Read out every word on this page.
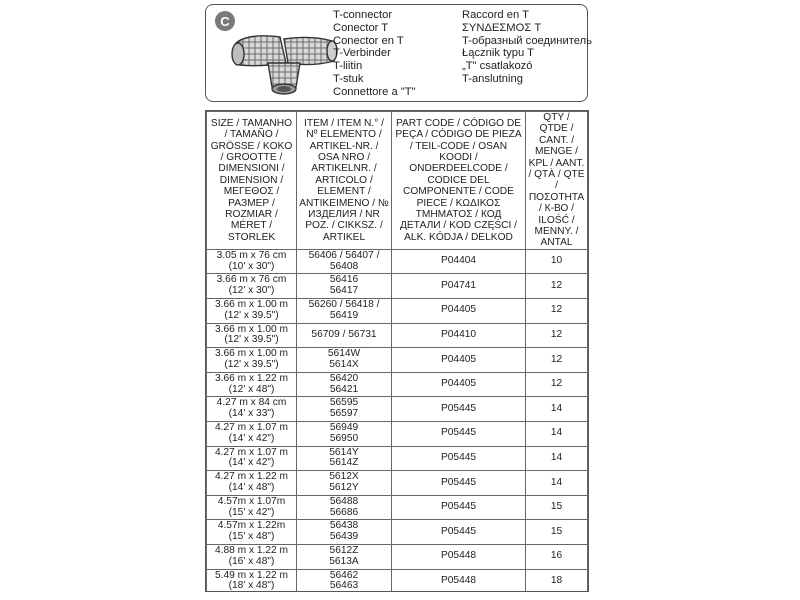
C	T-connector
Conector T
Conector en T
T-Verbinder
T-liitin
T-stuk
Connettore a "T"
Raccord en T
ΣΥΝΔΕΣΜΟΣ T
T-образный соединитель
Łącznik typu T
„T" csatlakozó
T-anslutning
SIZE / TAMANHO / TAMAÑO / GRÖSSE / KOKO / GROOTTE / DIMENSIONI / DIMENSION / ΜΕΓΕΘΟΣ / РАЗМЕР / ROZMIAR / MÉRET / STORLEK	ITEM / ITEM N.° / Nº ELEMENTO / ARTIKEL-NR. / OSA NRO / ARTIKELNR. / ARTICOLO / ELEMENT / ΑΝΤΙΚΕΙΜΕΝΟ / № ИЗДЕЛИЯ / NR POZ. / CIKKSZ. / ARTIKEL	PART CODE / CÓDIGO DE PEÇA / CÓDIGO DE PIEZA / TEIL-CODE / OSAN KOODI / ONDERDEELCODE / CODICE DEL COMPONENTE / CODE PIECE / ΚΩΔΙΚΟΣ ΤΜΗΜΑΤΟΣ / КОД ДЕТАЛИ / KOD CZĘŚCI / ALK. KÓDJA / DELKOD	QTY / QTDE / CANT. / MENGE / KPL / AANT. / QTÀ / QTE / ΠΟΣΟΤΗΤΑ / К-ВО / ILOŚĆ / MENNY. / ANTAL

3.05 m x 76 cm
(10' x 30")	56406 / 56407 /
56408	P04404	10

3.66 m x 76 cm
(12' x 30")	56416
56417	P04741	12

3.66 m x 1.00 m
(12' x 39.5")	56260 / 56418 /
56419	P04405	12

3.66 m x 1.00 m
(12' x 39.5")	56709 / 56731	P04410	12

3.66 m x 1.00 m
(12' x 39.5")	5614W
5614X	P04405	12

3.66 m x 1.22 m
(12' x 48")	56420
56421	P04405	12

4.27 m x 84 cm
(14' x 33")	56595
56597	P05445	14

4.27 m x 1.07 m
(14' x 42")	56949
56950	P05445	14

4.27 m x 1.07 m
(14' x 42")	5614Y
5614Z	P05445	14

4.27 m x 1.22 m
(14' x 48")	5612X
5612Y	P05445	14

4.57m x 1.07m
(15' x 42")	56488
56686	P05445	15

4.57m x 1.22m
(15' x 48")	56438
56439	P05445	15

4.88 m x 1.22 m
(16' x 48")	5612Z
5613A	P05448	16

5.49 m x 1.22 m
(18' x 48")	56462
56463	P05448	18
